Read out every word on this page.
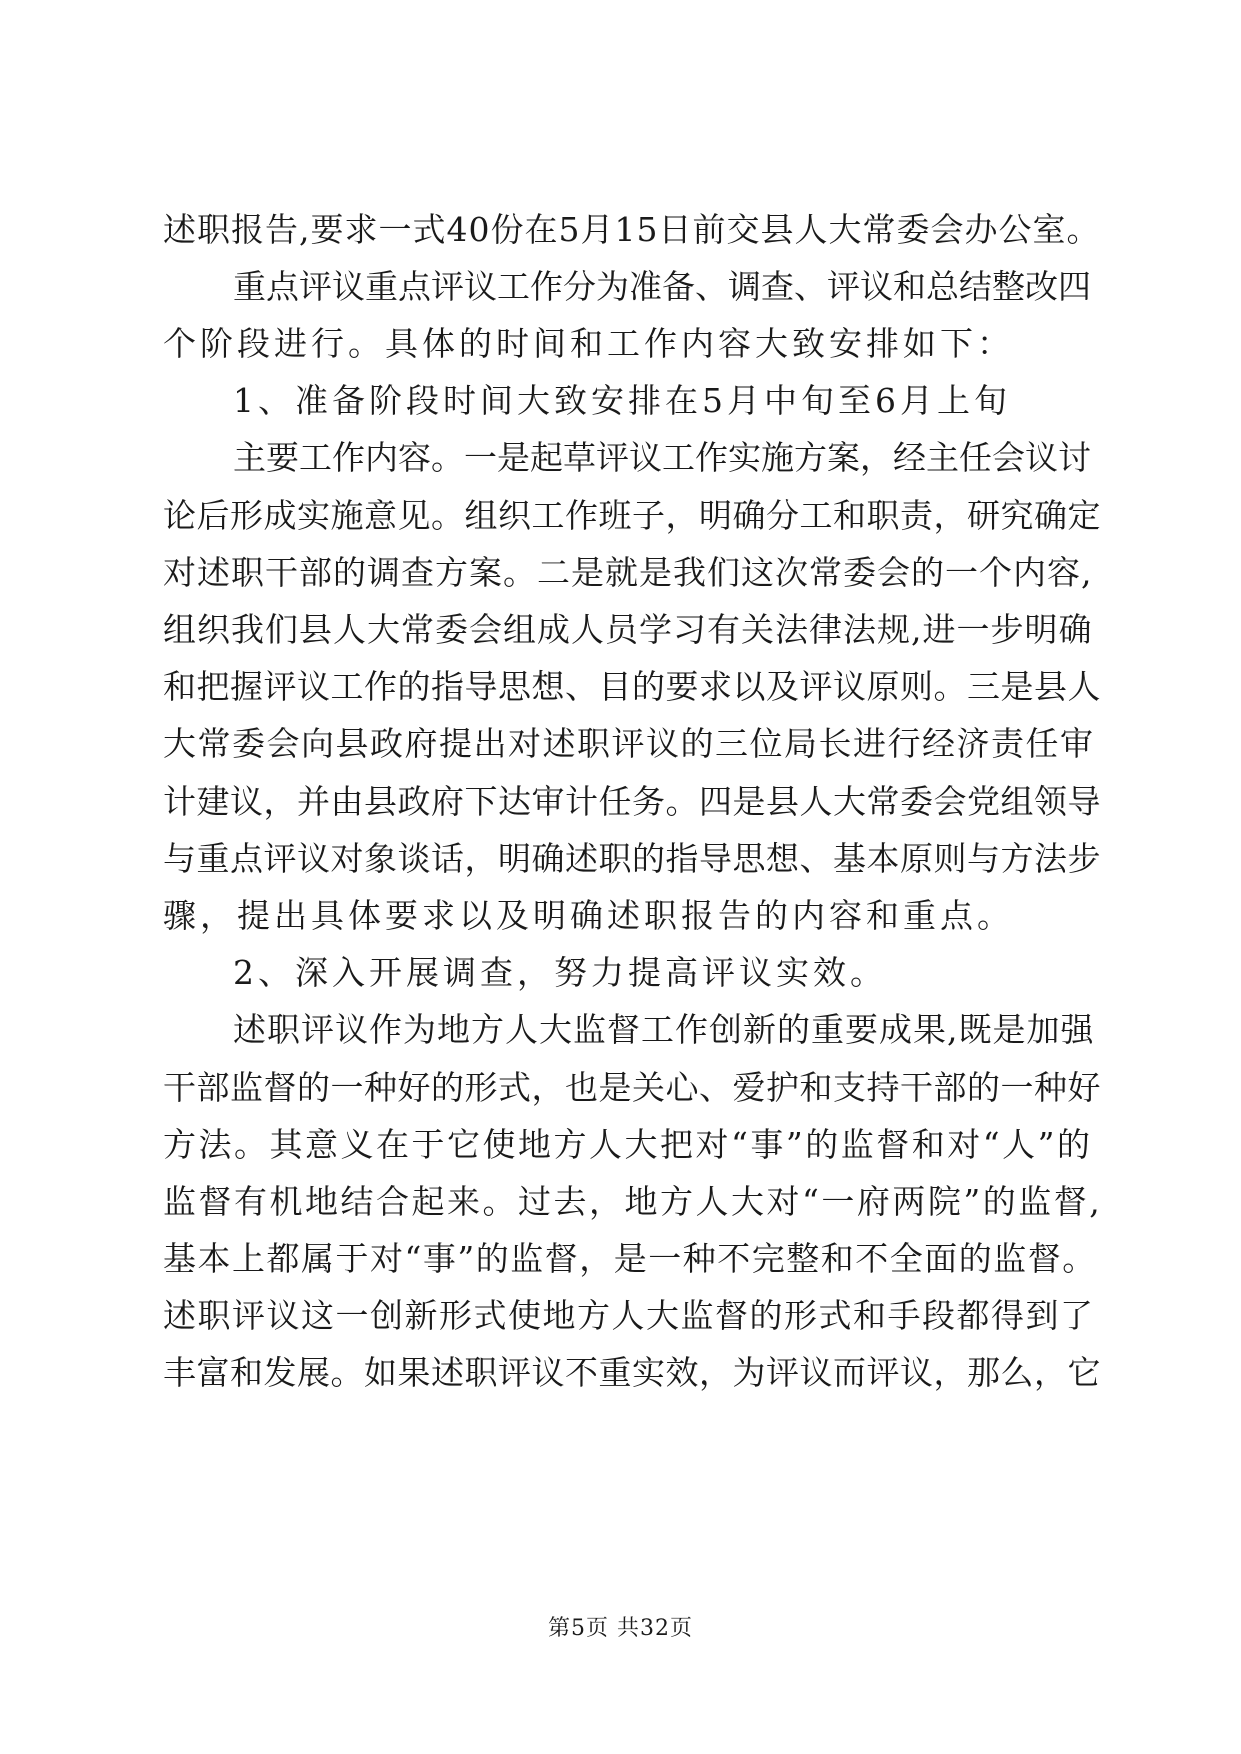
述职报告,要求一式40份在5月15日前交县人大常委会办公室。
重点评议重点评议工作分为准备、调查、评议和总结整改四
个阶段进行。具体的时间和工作内容大致安排如下：
1、准备阶段时间大致安排在5月中旬至6月上旬
主要工作内容。一是起草评议工作实施方案，经主任会议讨
论后形成实施意见。组织工作班子，明确分工和职责，研究确定
对述职干部的调查方案。二是就是我们这次常委会的一个内容,
组织我们县人大常委会组成人员学习有关法律法规,进一步明确
和把握评议工作的指导思想、目的要求以及评议原则。三是县人
大常委会向县政府提出对述职评议的三位局长进行经济责任审
计建议，并由县政府下达审计任务。四是县人大常委会党组领导
与重点评议对象谈话，明确述职的指导思想、基本原则与方法步
骤，提出具体要求以及明确述职报告的内容和重点。
2、深入开展调查，努力提高评议实效。
述职评议作为地方人大监督工作创新的重要成果,既是加强
干部监督的一种好的形式，也是关心、爱护和支持干部的一种好
方法。其意义在于它使地方人大把对“事”的监督和对“人”的
监督有机地结合起来。过去，地方人大对“一府两院”的监督,
基本上都属于对“事”的监督，是一种不完整和不全面的监督。
述职评议这一创新形式使地方人大监督的形式和手段都得到了
丰富和发展。如果述职评议不重实效，为评议而评议，那么，它
第5页 共32页
